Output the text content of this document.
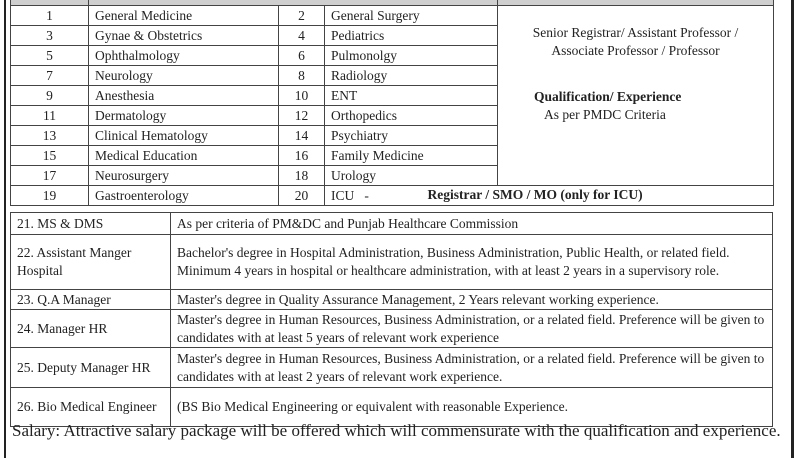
1	General Medicine	2	General Surgery	Senior Registrar/ Assistant Professor / Associate Professor / Professor
Qualification/ Experience
As per PMDC Criteria

3	Gynae & Obstetrics	4	Pediatrics	
5	Ophthalmology	6	Pulmonolgy	
7	Neurology	8	Radiology	
9	Anesthesia	10	ENT	
11	Dermatology	12	Orthopedics	
13	Clinical Hematology	14	Psychiatry	
15	Medical Education	16	Family Medicine	
17	Neurosurgery	18	Urology	
19	Gastroenterology	20	ICU   -	Registrar / SMO / MO (only for ICU)
21. MS & DMS	As per criteria of PM&DC and Punjab Healthcare Commission
22. Assistant Manger Hospital	Bachelor's degree in Hospital Administration, Business Administration, Public Health, or related field. Minimum 4 years in hospital or healthcare administration, with at least 2 years in a supervisory role.
23. Q.A Manager	Master's degree in Quality Assurance Management, 2 Years relevant working experience.
24. Manager HR	Master's degree in Human Resources, Business Administration, or a related field. Preference will be given to candidates with at least 5 years of relevant work experience
25. Deputy Manager HR	Master's degree in Human Resources, Business Administration, or a related field. Preference will be given to candidates with at least 2 years of relevant work experience.
26. Bio Medical Engineer	(BS Bio Medical Engineering or equivalent with reasonable Experience.
Salary: Attractive salary package will be offered which will commensurate with the qualification and experience.
